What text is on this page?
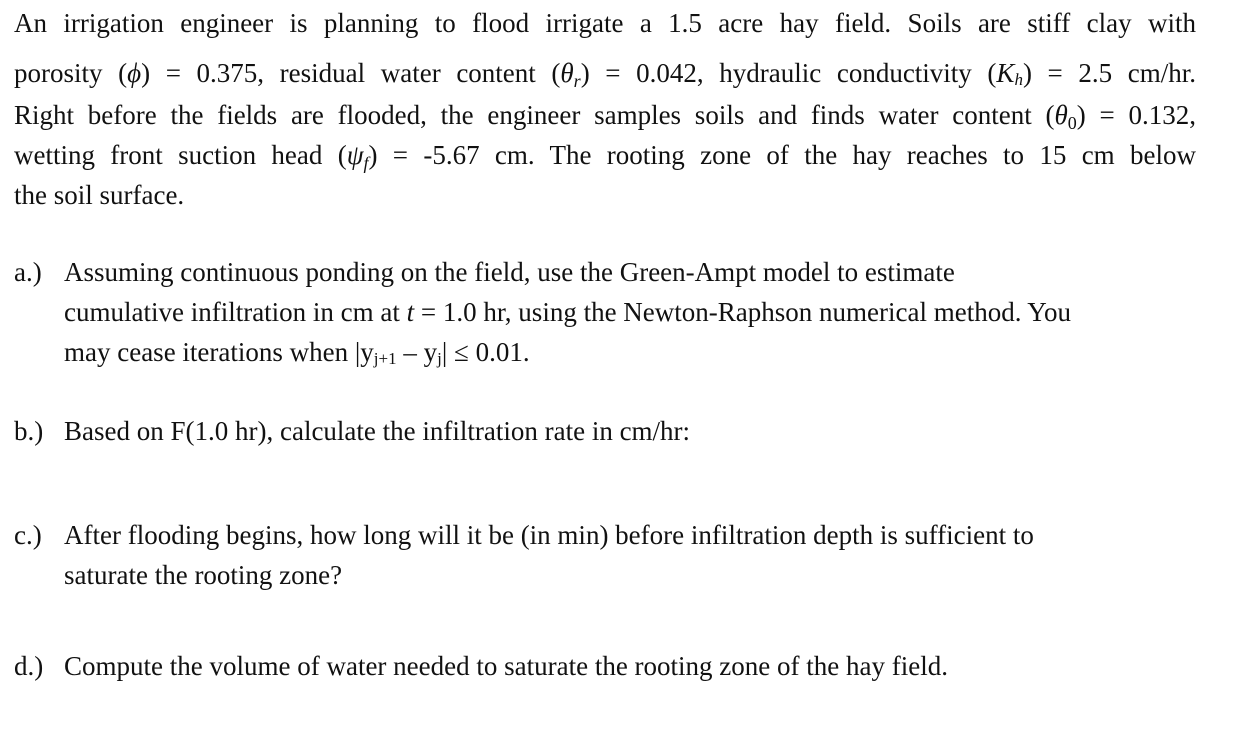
An irrigation engineer is planning to flood irrigate a 1.5 acre hay field. Soils are stiff clay with
porosity (ϕ) = 0.375, residual water content $(\theta_r) = 0.042$, hydraulic conductivity $(K_h) = 2.5$ cm/hr.
Right before the fields are flooded, the engineer samples soils and finds water content $(\theta_0) = 0.132$,
wetting front suction head $(\psi_f) = -5.67$ cm. The rooting zone of the hay reaches to 15 cm below
the soil surface.
a.) Assuming continuous ponding on the field, use the Green-Ampt model to estimate
cumulative infiltration in cm at t = 1.0 hr, using the Newton-Raphson numerical method. You
may cease iterations when $|y_{j+1} - y_j| \le 0.01$.
b.) Based on F(1.0 hr), calculate the infiltration rate in cm/hr:
c.) After flooding begins, how long will it be (in min) before infiltration depth is sufficient to
saturate the rooting zone?
d.) Compute the volume of water needed to saturate the rooting zone of the hay field.
